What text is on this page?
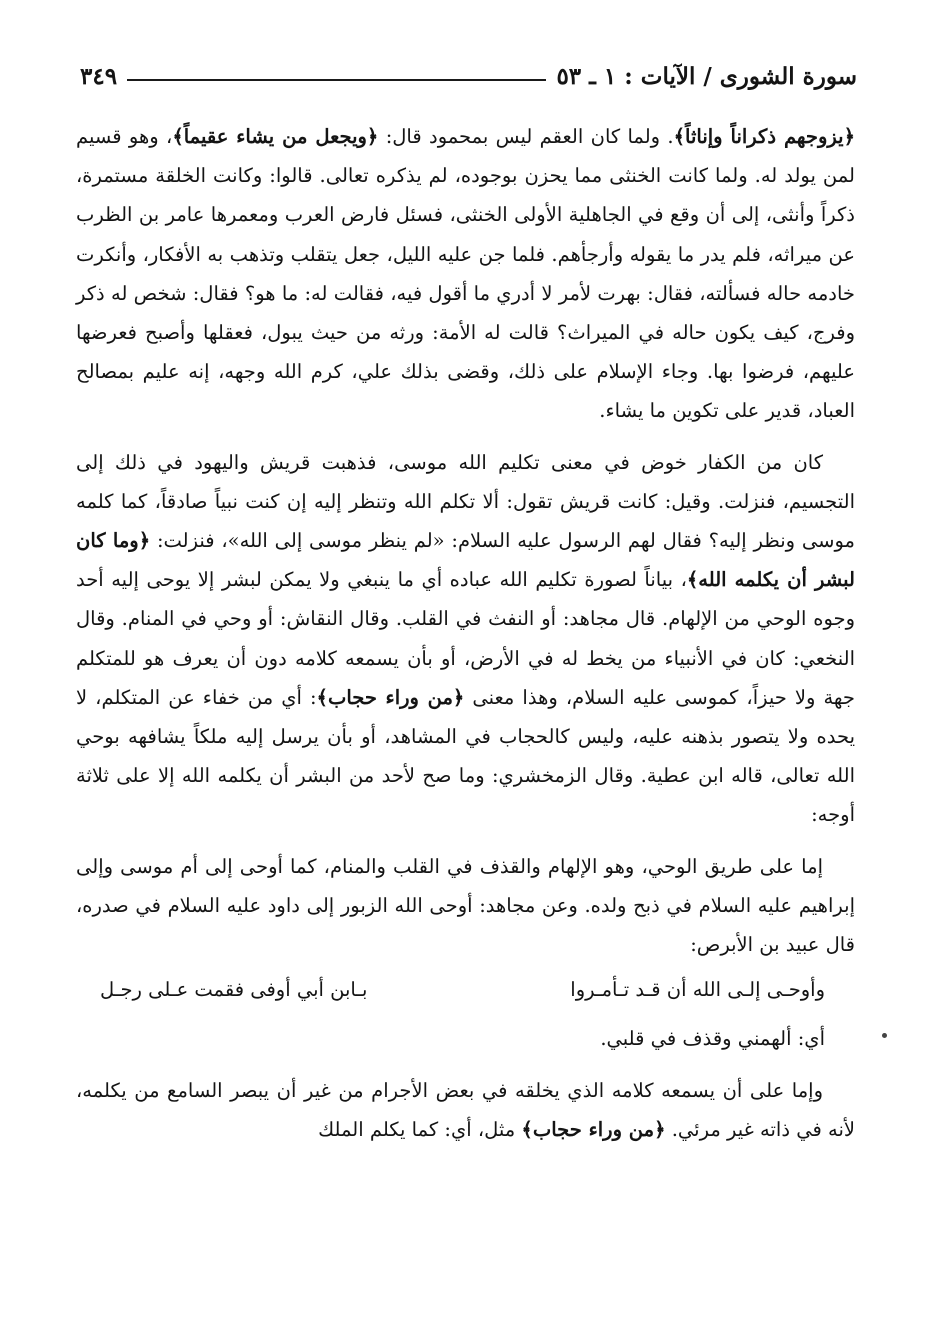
سورة الشورى / الآيات : ١ ـ ٥٣
٣٤٩

﴿يزوجهم ذكراناً وإناثاً﴾. ولما كان العقم ليس بمحمود قال: ﴿ويجعل من يشاء عقيماً﴾، وهو قسيم لمن يولد له. ولما كانت الخنثى مما يحزن بوجوده، لم يذكره تعالى. قالوا: وكانت الخلقة مستمرة، ذكراً وأنثى، إلى أن وقع في الجاهلية الأولى الخنثى، فسئل فارض العرب ومعمرها عامر بن الظرب عن ميراثه، فلم يدر ما يقوله وأرجأهم. فلما جن عليه الليل، جعل يتقلب وتذهب به الأفكار، وأنكرت خادمه حاله فسألته، فقال: بهرت لأمر لا أدري ما أقول فيه، فقالت له: ما هو؟ فقال: شخص له ذكر وفرج، كيف يكون حاله في الميراث؟ قالت له الأمة: ورثه من حيث يبول، فعقلها وأصبح فعرضها عليهم، فرضوا بها. وجاء الإسلام على ذلك، وقضى بذلك علي، كرم الله وجهه، إنه عليم بمصالح العباد، قدير على تكوين ما يشاء.

كان من الكفار خوض في معنى تكليم الله موسى، فذهبت قريش واليهود في ذلك إلى التجسيم، فنزلت. وقيل: كانت قريش تقول: ألا تكلم الله وتنظر إليه إن كنت نبياً صادقاً، كما كلمه موسى ونظر إليه؟ فقال لهم الرسول عليه السلام: «لم ينظر موسى إلى الله»، فنزلت: ﴿وما كان لبشر أن يكلمه الله﴾، بياناً لصورة تكليم الله عباده أي ما ينبغي ولا يمكن لبشر إلا يوحى إليه أحد وجوه الوحي من الإلهام. قال مجاهد: أو النفث في القلب. وقال النقاش: أو وحي في المنام. وقال النخعي: كان في الأنبياء من يخط له في الأرض، أو بأن يسمعه كلامه دون أن يعرف هو للمتكلم جهة ولا حيزاً، كموسى عليه السلام، وهذا معنى ﴿من وراء حجاب﴾: أي من خفاء عن المتكلم، لا يحده ولا يتصور بذهنه عليه، وليس كالحجاب في المشاهد، أو بأن يرسل إليه ملكاً يشافهه بوحي الله تعالى، قاله ابن عطية. وقال الزمخشري: وما صح لأحد من البشر أن يكلمه الله إلا على ثلاثة أوجه:

إما على طريق الوحي، وهو الإلهام والقذف في القلب والمنام، كما أوحى إلى أم موسى وإلى إبراهيم عليه السلام في ذبح ولده. وعن مجاهد: أوحى الله الزبور إلى داود عليه السلام في صدره، قال عبيد بن الأبرص:

وأوحـى إلـى الله أن قـد تـأمـروا
بـابن أبي أوفى فقمت عـلى رجـل
أي: ألهمني وقذف في قلبي.

وإما على أن يسمعه كلامه الذي يخلقه في بعض الأجرام من غير أن يبصر السامع من يكلمه، لأنه في ذاته غير مرئي. ﴿من وراء حجاب﴾ مثل، أي: كما يكلم الملك
